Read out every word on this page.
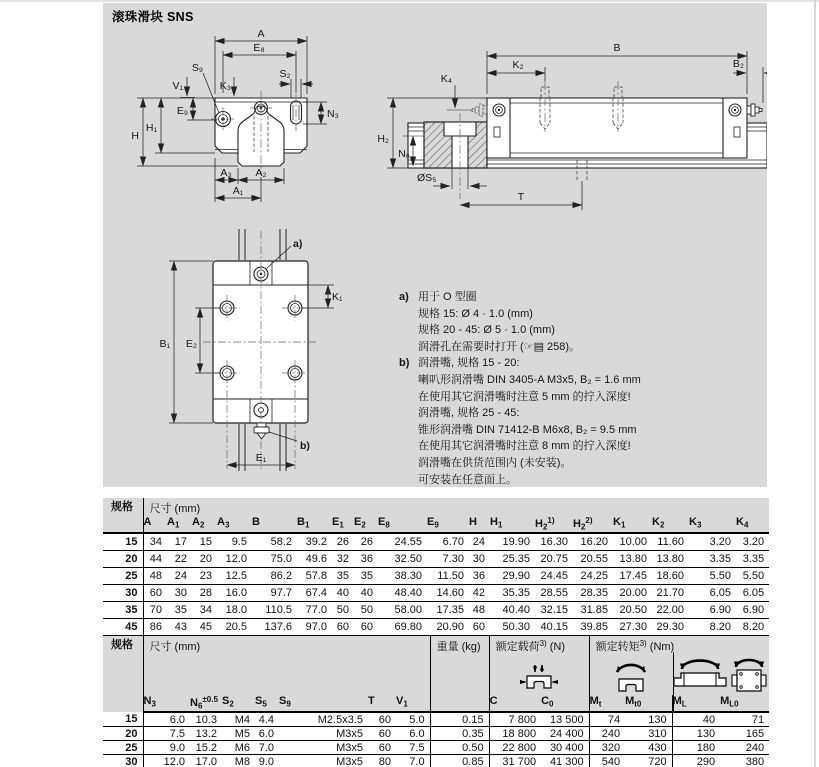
滚珠滑块 SNS
A
E₈
S₉	S₂
V₁	K₃
N₃
E₉
H₁
H
A₃ A₂
A₁
B
K₂	B₂
K₄
H₂
N₆
ØS₅
T
a)
K₁
B₁ E₂
E₁
b)
a) 用于 O 型圈
规格 15: Ø 4 · 1.0 (mm)
规格 20 - 45: Ø 5 · 1.0 (mm)
润滑孔在需要时打开 (☞▤ 258)。
b) 润滑嘴, 规格 15 - 20:
喇叭形润滑嘴 DIN 3405-A M3x5, B₂ = 1.6 mm
在使用其它润滑嘴时注意 5 mm 的拧入深度!
润滑嘴, 规格 25 - 45:
锥形润滑嘴 DIN 71412-B M6x8, B₂ = 9.5 mm
在使用其它润滑嘴时注意 8 mm 的拧入深度!
润滑嘴在供货范围内 (未安装)。
可安装在任意面上。
规格	尺寸 (mm)																	

	A	$A_1$	$A_2$	$A_3$	B	$B_1$	$E_1$	$E_2$	$E_8$	$E_9$	H	$H_1$	$H_2^{1)}$	$H_2^{2)}$	$K_1$	$K_2$	$K_3$	$K_4$
15	34	17	15	9.5	58.2	39.2	26	26	24.55	6.70	24	19.90	16.30	16.20	10.00	11.60	3.20	3.20
20	44	22	20	12.0	75.0	49.6	32	36	32.50	7.30	30	25.35	20.75	20.55	13.80	13.80	3.35	3.35
25	48	24	23	12.5	86.2	57.8	35	35	38.30	11.50	36	29.90	24.45	24.25	17.45	18.60	5.50	5.50
30	60	30	28	16.0	97.7	67.4	40	40	48.40	14.60	42	35.35	28.55	28.35	20.00	21.70	6.05	6.05
35	70	35	34	18.0	110.5	77.0	50	50	58.00	17.35	48	40.40	32.15	31.85	20.50	22.00	6.90	6.90
45	86	43	45	20.5	137.6	97.0	60	60	69.80	20.90	60	50.30	40.15	39.85	27.30	29.30	8.20	8.20
规格	尺寸 (mm)							重量 (kg)	额定载荷$^{3)}$ (N)		额定转矩$^{3)}$ (Nm)			

	$N_3$	$N_6^{\pm 0.5}$	$S_2$	$S_5$	$S_9$	T	$V_1$		C	$C_0$	$M_t$	$M_{t0}$	$M_L$	$M_{L0}$
15	6.0	10.3	M4	4.4	M2.5x3.5	60	5.0	0.15	7 800	13 500	74	130	40	71
20	7.5	13.2	M5	6.0	M3x5	60	6.0	0.35	18 800	24 400	240	310	130	165
25	9.0	15.2	M6	7.0	M3x5	60	7.5	0.50	22 800	30 400	320	430	180	240
30	12.0	17.0	M8	9.0	M3x5	80	7.0	0.85	31 700	41 300	540	720	290	380
